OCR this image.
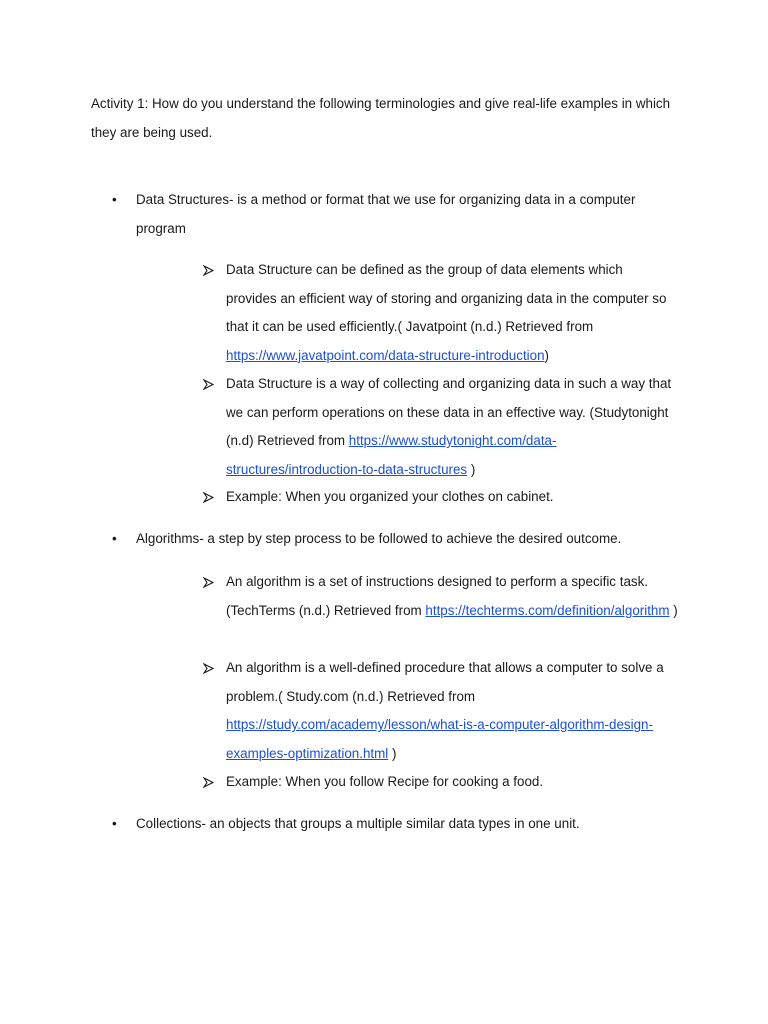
Activity 1: How do you understand the following terminologies and give real-life examples in which they are being used.

• Data Structures- is a method or format that we use for organizing data in a computer program

Data Structure can be defined as the group of data elements which provides an efficient way of storing and organizing data in the computer so that it can be used efficiently.( Javatpoint (n.d.) Retrieved from https://www.javatpoint.com/data-structure-introduction)

Data Structure is a way of collecting and organizing data in such a way that we can perform operations on these data in an effective way. (Studytonight (n.d) Retrieved from https://www.studytonight.com/data-structures/introduction-to-data-structures )

Example: When you organized your clothes on cabinet.

• Algorithms- a step by step process to be followed to achieve the desired outcome.

An algorithm is a set of instructions designed to perform a specific task. (TechTerms (n.d.) Retrieved from https://techterms.com/definition/algorithm )

An algorithm is a well-defined procedure that allows a computer to solve a problem.( Study.com (n.d.) Retrieved from https://study.com/academy/lesson/what-is-a-computer-algorithm-design-examples-optimization.html )

Example: When you follow Recipe for cooking a food.

• Collections- an objects that groups a multiple similar data types in one unit.
